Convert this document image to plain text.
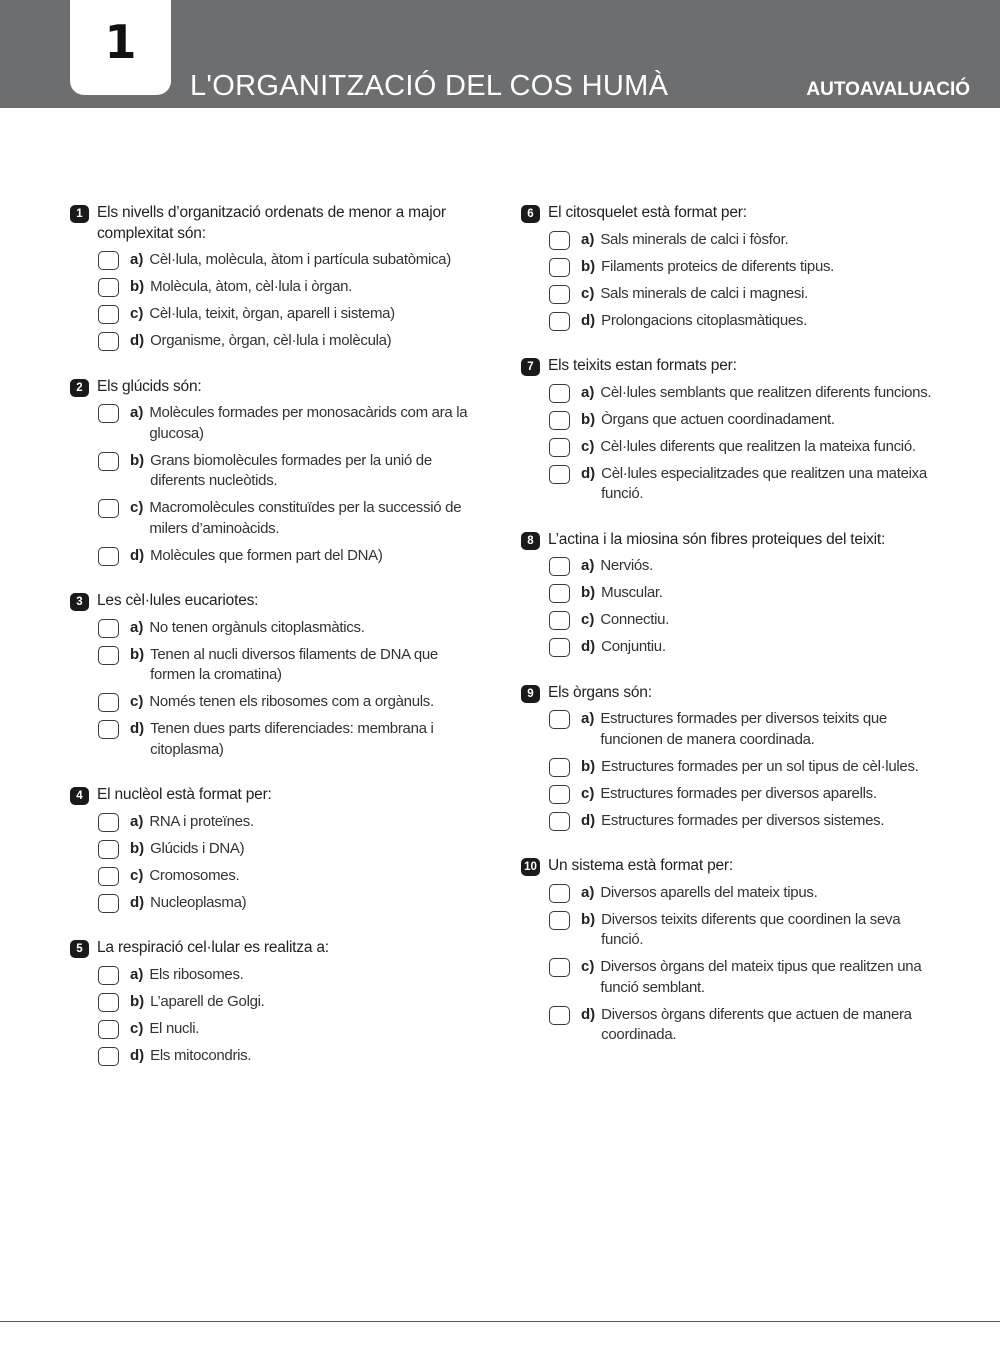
1
L'ORGANITZACIÓ DEL COS HUMÀ	AUTOAVALUACIÓ
1 Els nivells d’organització ordenats de menor a major complexitat són:
a) Cèl·lula, molècula, àtom i partícula subatòmica)
b) Molècula, àtom, cèl·lula i òrgan.
c) Cèl·lula, teixit, òrgan, aparell i sistema)
d) Organisme, òrgan, cèl·lula i molècula)
2 Els glúcids són:
a) Molècules formades per monosacàrids com ara la glucosa)
b) Grans biomolècules formades per la unió de diferents nucleòtids.
c) Macromolècules constituïdes per la successió de milers d’aminoàcids.
d) Molècules que formen part del DNA)
3 Les cèl·lules eucariotes:
a) No tenen orgànuls citoplasmàtics.
b) Tenen al nucli diversos filaments de DNA que formen la cromatina)
c) Només tenen els ribosomes com a orgànuls.
d) Tenen dues parts diferenciades: membrana i citoplasma)
4 El nuclèol està format per:
a) RNA i proteïnes.
b) Glúcids i DNA)
c) Cromosomes.
d) Nucleoplasma)
5 La respiració cel·lular es realitza a:
a) Els ribosomes.
b) L’aparell de Golgi.
c) El nucli.
d) Els mitocondris.
6 El citosquelet està format per:
a) Sals minerals de calci i fòsfor.
b) Filaments proteics de diferents tipus.
c) Sals minerals de calci i magnesi.
d) Prolongacions citoplasmàtiques.
7 Els teixits estan formats per:
a) Cèl·lules semblants que realitzen diferents funcions.
b) Òrgans que actuen coordinadament.
c) Cèl·lules diferents que realitzen la mateixa funció.
d) Cèl·lules especialitzades que realitzen una mateixa funció.
8 L’actina i la miosina són fibres proteiques del teixit:
a) Nerviós.
b) Muscular.
c) Connectiu.
d) Conjuntiu.
9 Els òrgans són:
a) Estructures formades per diversos teixits que funcionen de manera coordinada.
b) Estructures formades per un sol tipus de cèl·lules.
c) Estructures formades per diversos aparells.
d) Estructures formades per diversos sistemes.
10 Un sistema està format per:
a) Diversos aparells del mateix tipus.
b) Diversos teixits diferents que coordinen la seva funció.
c) Diversos òrgans del mateix tipus que realitzen una funció semblant.
d) Diversos òrgans diferents que actuen de manera coordinada.
